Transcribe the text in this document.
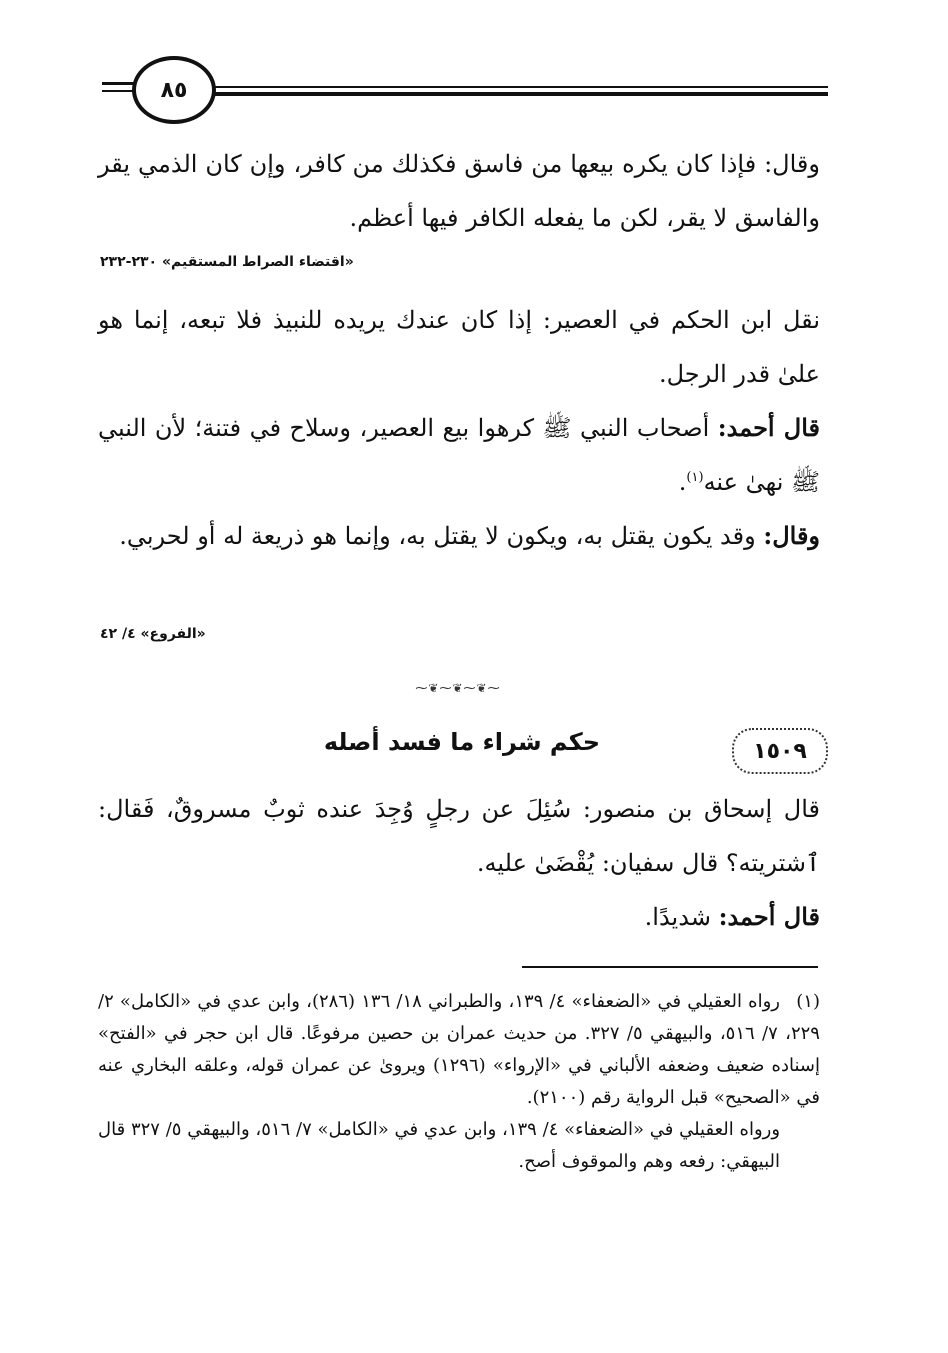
٨٥

وقال: فإذا كان يكره بيعها من فاسق فكذلك من كافر، وإن كان الذمي يقر والفاسق لا يقر، لكن ما يفعله الكافر فيها أعظم.

«اقتضاء الصراط المستقيم» ٢٣٠-٢٣٢

نقل ابن الحكم في العصير: إذا كان عندك يريده للنبيذ فلا تبعه، إنما هو علىٰ قدر الرجل.

قال أحمد: أصحاب النبي ﷺ كرهوا بيع العصير، وسلاح في فتنة؛ لأن النبي ﷺ نهىٰ عنه$^{(١)}$.

وقال: وقد يكون يقتل به، ويكون لا يقتل به، وإنما هو ذريعة له أو لحربي.

«الفروع» ٤/ ٤٢
⁓❦⁓❦⁓❦⁓
١٥٠٩
حكم شراء ما فسد أصله

قال إسحاق بن منصور: سُئِلَ عن رجلٍ وُجِدَ عنده ثوبٌ مسروقٌ، فَقال: ٱشتريته؟ قال سفيان: يُقْضَىٰ عليه.

قال أحمد: شديدًا.

(١)رواه العقيلي في «الضعفاء» ٤/ ١٣٩، والطبراني ١٨/ ١٣٦ (٢٨٦)، وابن عدي في «الكامل» ٢/ ٢٢٩، ٧/ ٥١٦، والبيهقي ٥/ ٣٢٧. من حديث عمران بن حصين مرفوعًا. قال ابن حجر في «الفتح» إسناده ضعيف وضعفه الألباني في «الإرواء» (١٢٩٦) ويروىٰ عن عمران قوله، وعلقه البخاري عنه في «الصحيح» قبل الرواية رقم (٢١٠٠).

ورواه العقيلي في «الضعفاء» ٤/ ١٣٩، وابن عدي في «الكامل» ٧/ ٥١٦، والبيهقي ٥/ ٣٢٧ قال البيهقي: رفعه وهم والموقوف أصح.
